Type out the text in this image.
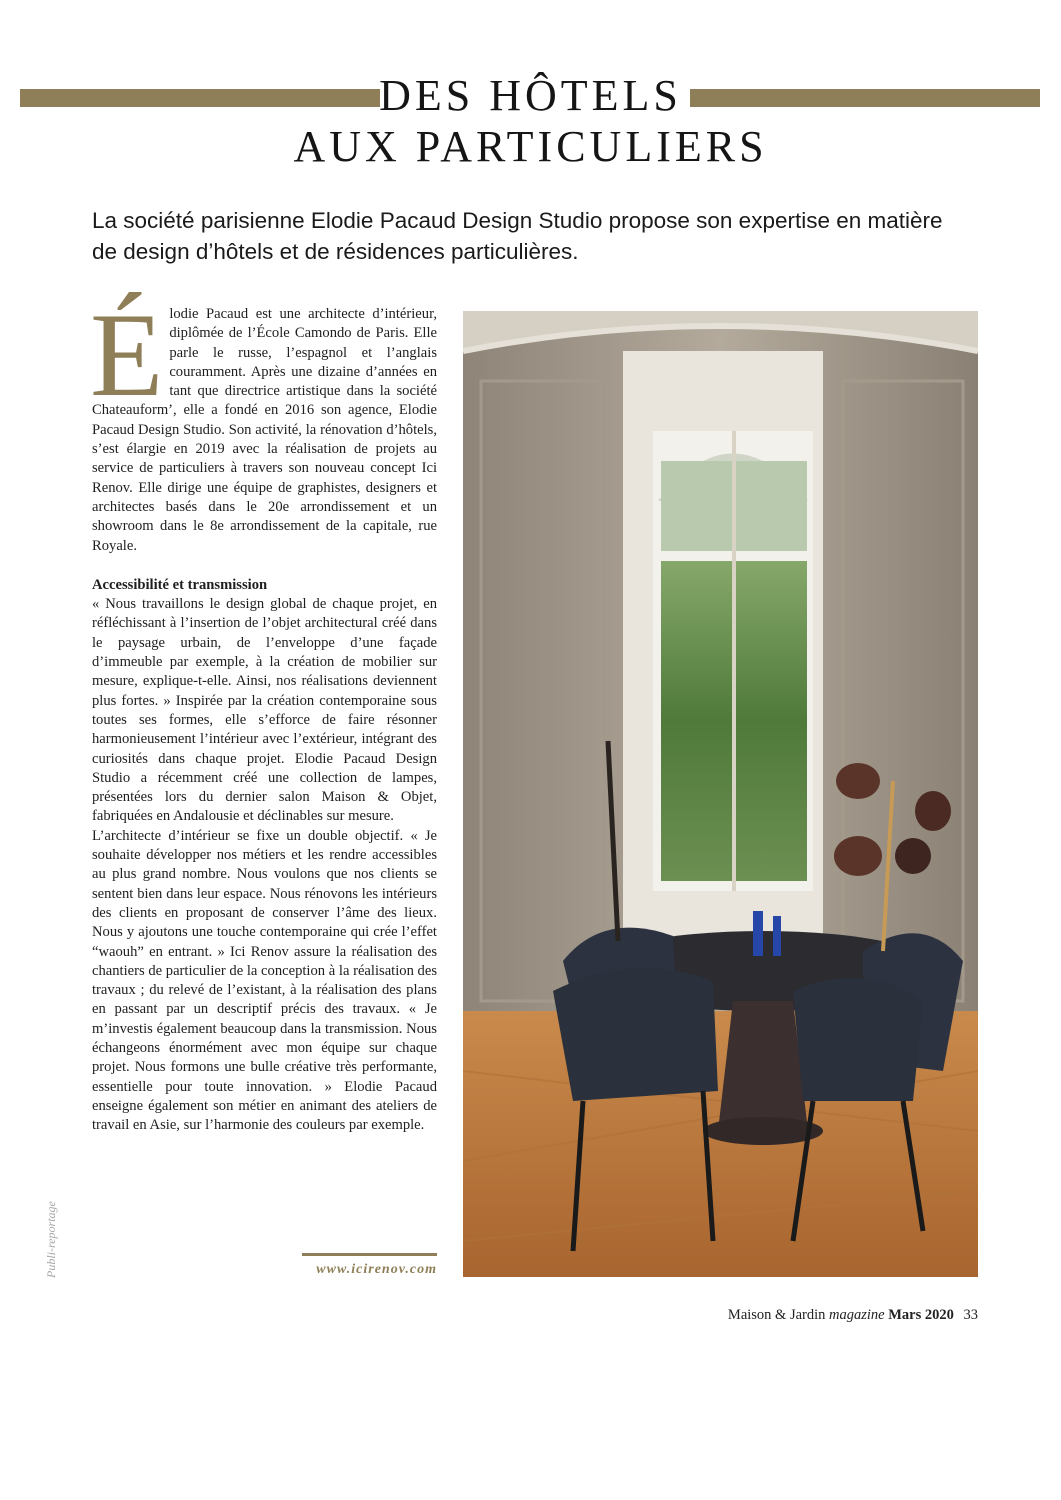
DES HÔTELS
AUX PARTICULIERS

La société parisienne Elodie Pacaud Design Studio propose son expertise en matière de design d’hôtels et de résidences particulières.

É lodie Pacaud est une architecte d’intérieur, diplômée de l’École Camondo de Paris. Elle parle le russe, l’espagnol et l’anglais couramment. Après une dizaine d’années en tant que directrice artistique dans la société Chateauform’, elle a fondé en 2016 son agence, Elodie Pacaud Design Studio. Son activité, la rénovation d’hôtels, s’est élargie en 2019 avec la réalisation de projets au service de particuliers à travers son nouveau concept Ici Renov. Elle dirige une équipe de graphistes, designers et architectes basés dans le 20e arrondissement et un showroom dans le 8e arrondissement de la capitale, rue Royale.

Accessibilité et transmission

« Nous travaillons le design global de chaque projet, en réfléchissant à l’insertion de l’objet architectural créé dans le paysage urbain, de l’enveloppe d’une façade d’immeuble par exemple, à la création de mobilier sur mesure, explique-t-elle. Ainsi, nos réalisations deviennent plus fortes. » Inspirée par la création contemporaine sous toutes ses formes, elle s’efforce de faire résonner harmonieusement l’intérieur avec l’extérieur, intégrant des curiosités dans chaque projet. Elodie Pacaud Design Studio a récemment créé une collection de lampes, présentées lors du dernier salon Maison & Objet, fabriquées en Andalousie et déclinables sur mesure.

L’architecte d’intérieur se fixe un double objectif. « Je souhaite développer nos métiers et les rendre accessibles au plus grand nombre. Nous voulons que nos clients se sentent bien dans leur espace. Nous rénovons les intérieurs des clients en proposant de conserver l’âme des lieux. Nous y ajoutons une touche contemporaine qui crée l’effet “waouh” en entrant. » Ici Renov assure la réalisation des chantiers de particulier de la conception à la réalisation des travaux ; du relevé de l’existant, à la réalisation des plans en passant par un descriptif précis des travaux. « Je m’investis également beaucoup dans la transmission. Nous échangeons énormément avec mon équipe sur chaque projet. Nous formons une bulle créative très performante, essentielle pour toute innovation. » Elodie Pacaud enseigne également son métier en animant des ateliers de travail en Asie, sur l’harmonie des couleurs par exemple.

www.icirenov.com
Publi-reportage
Maison & Jardin magazine Mars 2020 33
